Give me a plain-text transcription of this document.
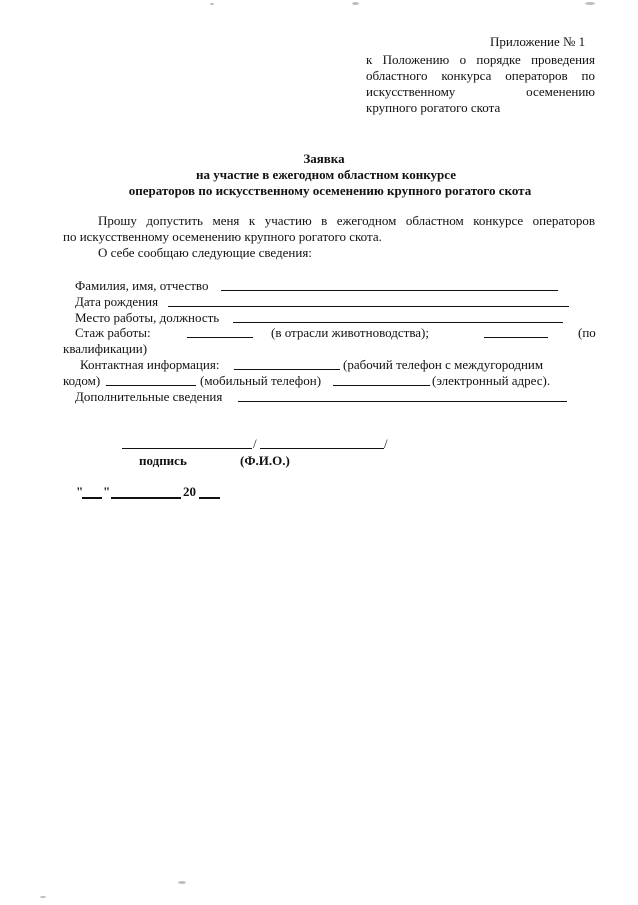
Приложение № 1
к Положению о порядке проведения
областного конкурса операторов по
искусственному осеменению
крупного рогатого скота
Заявка
на участие в ежегодном областном конкурсе
операторов по искусственному осеменению крупного рогатого скота
Прошу допустить меня к участию в ежегодном областном конкурсе операторов
по искусственному осеменению крупного рогатого скота.
О себе сообщаю следующие сведения:
Фамилия, имя, отчество
Дата рождения
Место работы, должность
Стаж работы:	(в отрасли животноводства);	(по
квалификации)
Контактная информация:	(рабочий телефон с междугородним
кодом)	(мобильный телефон)	(электронный адрес).
Дополнительные сведения
/	/
подпись	(Ф.И.О.)
" "	20
